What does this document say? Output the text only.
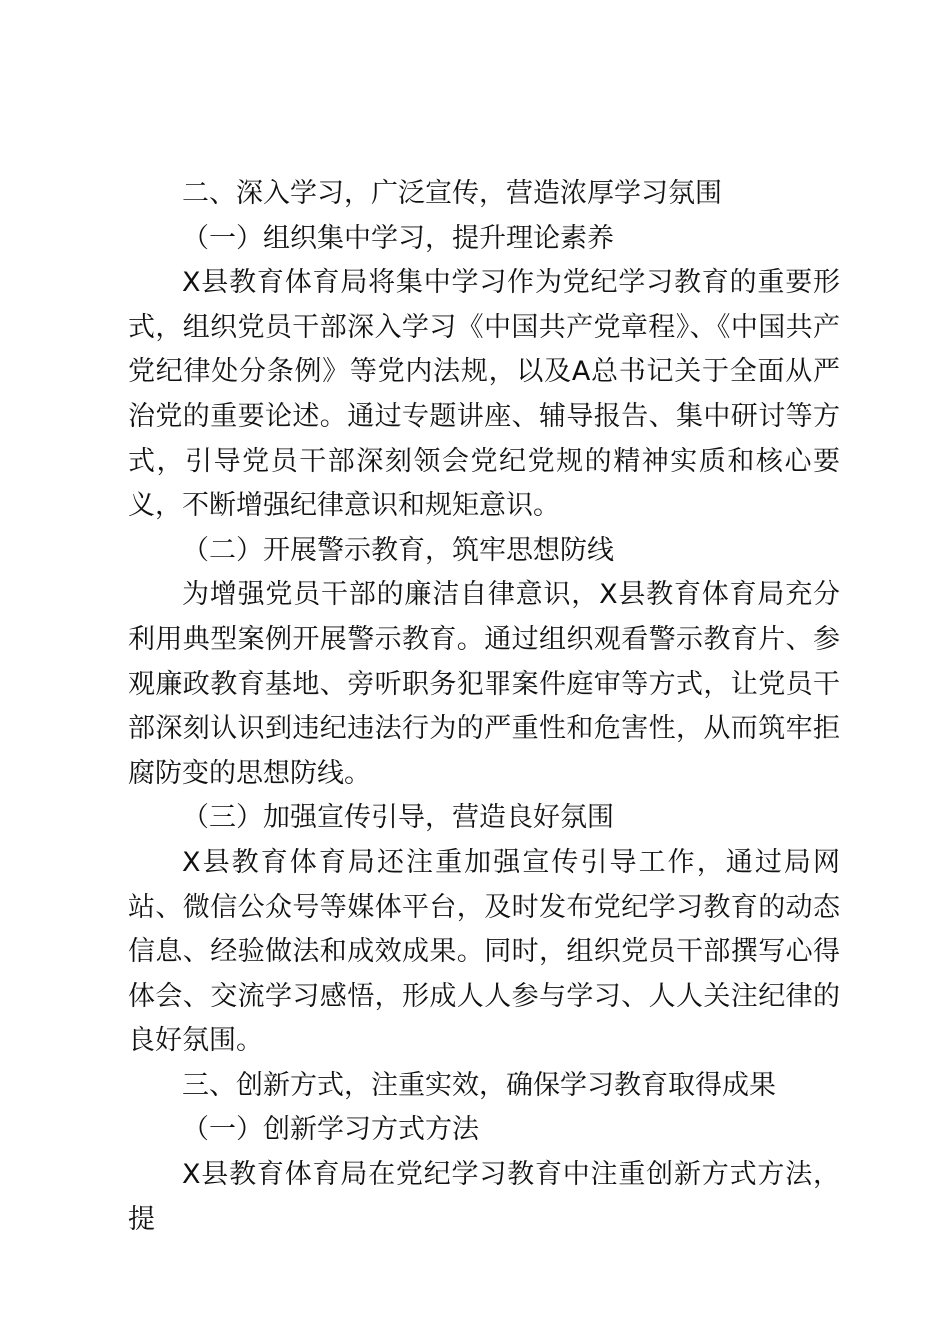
二、深入学习，广泛宣传，营造浓厚学习氛围

（一）组织集中学习，提升理论素养

X县教育体育局将集中学习作为党纪学习教育的重要形式，组织党员干部深入学习《中国共产党章程》、《中国共产党纪律处分条例》等党内法规，以及A总书记关于全面从严治党的重要论述。通过专题讲座、辅导报告、集中研讨等方式，引导党员干部深刻领会党纪党规的精神实质和核心要义，不断增强纪律意识和规矩意识。

（二）开展警示教育，筑牢思想防线

为增强党员干部的廉洁自律意识，X县教育体育局充分利用典型案例开展警示教育。通过组织观看警示教育片、参观廉政教育基地、旁听职务犯罪案件庭审等方式，让党员干部深刻认识到违纪违法行为的严重性和危害性，从而筑牢拒腐防变的思想防线。

（三）加强宣传引导，营造良好氛围

X县教育体育局还注重加强宣传引导工作，通过局网站、微信公众号等媒体平台，及时发布党纪学习教育的动态信息、经验做法和成效成果。同时，组织党员干部撰写心得体会、交流学习感悟，形成人人参与学习、人人关注纪律的良好氛围。

三、创新方式，注重实效，确保学习教育取得成果

（一）创新学习方式方法

X县教育体育局在党纪学习教育中注重创新方式方法，提
